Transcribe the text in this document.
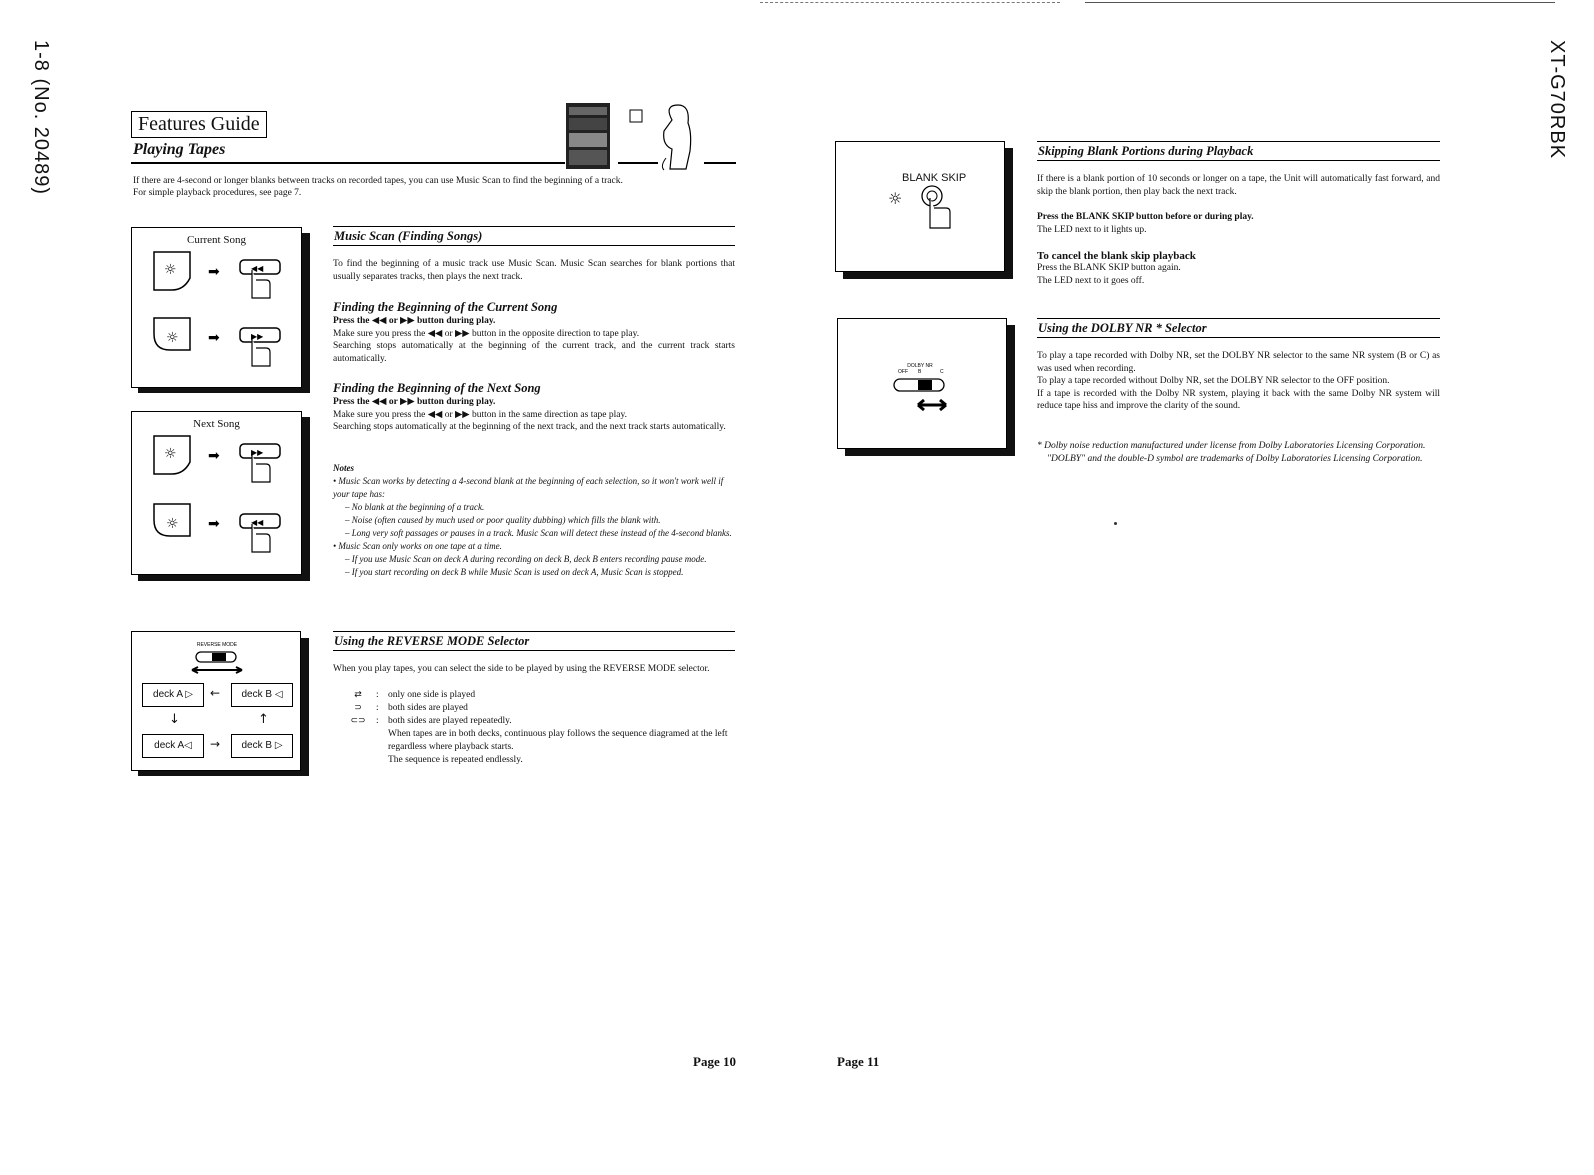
1-8 (No. 20489)	XT-G70RBK
Features Guide
Playing Tapes
If there are 4-second or longer blanks between tracks on recorded tapes, you can use Music Scan to find the beginning of a track.
For simple playback procedures, see page 7.
Current Song
☼ ➡	◀◀
☼ ➡	▶▶
Next Song
☼ ➡	▶▶
☼ ➡	◀◀
Music Scan (Finding Songs)
To find the beginning of a music track use Music Scan. Music Scan searches for blank portions that usually separates tracks, then plays the next track.
Finding the Beginning of the Current Song
Press the ◀◀ or ▶▶ button during play.
Make sure you press the ◀◀ or ▶▶ button in the opposite direction to tape play.
Searching stops automatically at the beginning of the current track, and the current track starts automatically.
Finding the Beginning of the Next Song
Press the ◀◀ or ▶▶ button during play.
Make sure you press the ◀◀ or ▶▶ button in the same direction as tape play.
Searching stops automatically at the beginning of the next track, and the next track starts automatically.
Notes
• Music Scan works by detecting a 4-second blank at the beginning of each selection, so it won't work well if your tape has:
– No blank at the beginning of a track.
– Noise (often caused by much used or poor quality dubbing) which fills the blank with.
– Long very soft passages or pauses in a track. Music Scan will detect these instead of the 4-second blanks.
• Music Scan only works on one tape at a time.
– If you use Music Scan on deck A during recording on deck B, deck B enters recording pause mode.
– If you start recording on deck B while Music Scan is used on deck A, Music Scan is stopped.
REVERSE MODE
deck A ▷	←	deck B ◁
↓	↑
deck A◁	→	deck B ▷
Using the REVERSE MODE Selector
When you play tapes, you can select the side to be played by using the REVERSE MODE selector.
⇄	: only one side is played
⊃	: both sides are played
⊂⊃	: both sides are played repeatedly.
When tapes are in both decks, continuous play follows the sequence diagramed at the left regardless where playback starts.
The sequence is repeated endlessly.
BLANK SKIP
☼
Skipping Blank Portions during Playback
If there is a blank portion of 10 seconds or longer on a tape, the Unit will automatically fast forward, and skip the blank portion, then play back the next track.
Press the BLANK SKIP button before or during play.
The LED next to it lights up.
To cancel the blank skip playback
Press the BLANK SKIP button again.
The LED next to it goes off.
DOLBY NR
OFF B	C
Using the DOLBY NR * Selector
To play a tape recorded with Dolby NR, set the DOLBY NR selector to the same NR system (B or C) as was used when recording.
To play a tape recorded without Dolby NR, set the DOLBY NR selector to the OFF position.
If a tape is recorded with the Dolby NR system, playing it back with the same Dolby NR system will reduce tape hiss and improve the clarity of the sound.
* Dolby noise reduction manufactured under license from Dolby Laboratories Licensing Corporation.
"DOLBY" and the double-D symbol are trademarks of Dolby Laboratories Licensing Corporation.
Page 10	Page 11
